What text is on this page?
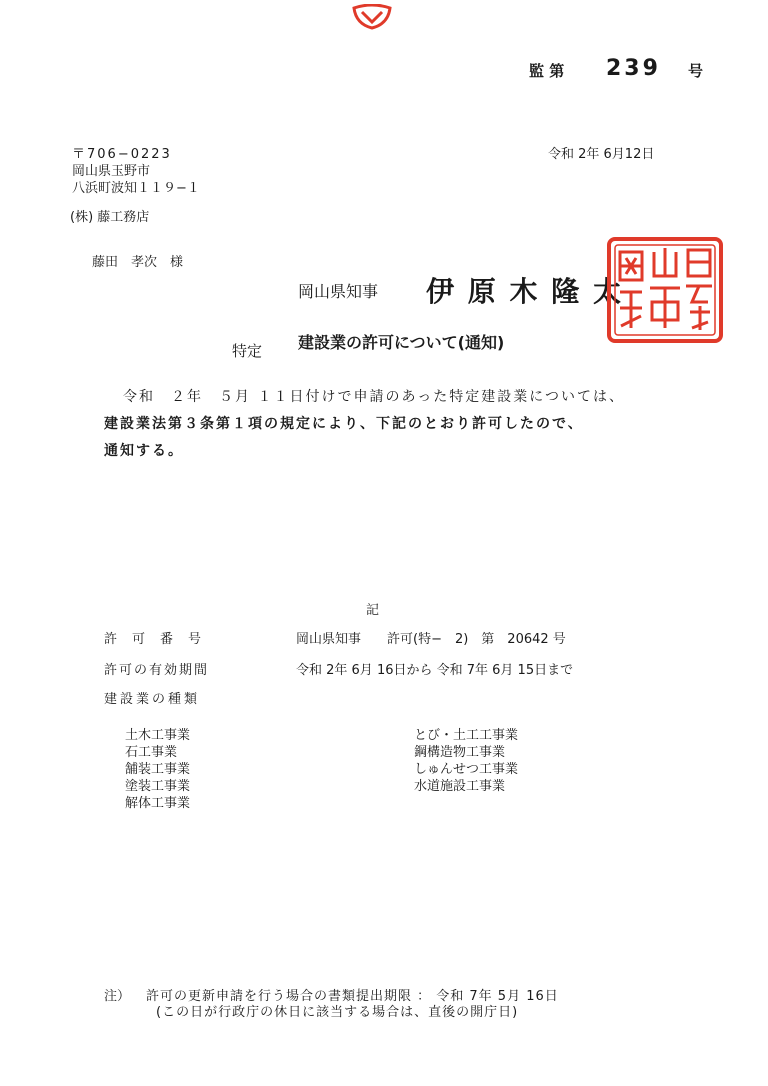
監 第 239 号
〒706−0223
岡山県玉野市
八浜町波知１１９−１
(株) 藤工務店
藤田　孝次　様
令和 2年 6月12日
岡山県知事 伊 原 木 隆 太
特定 建設業の許可について(通知)
令和　２年　５月 １１日付けで申請のあった特定建設業については、
建設業法第３条第１項の規定により、下記のとおり許可したので、
通知する。
記
許　可　番　号	岡山県知事　　許可(特−　2)　第　20642 号
許可の有効期間	令和 2年 6月 16日から 令和 7年 6月 15日まで
建設業の種類
土木工事業
石工事業
舗装工事業
塗装工事業
解体工事業
とび・土工工事業
鋼構造物工事業
しゅんせつ工事業
水道施設工事業
注） 許可の更新申請を行う場合の書類提出期限 ： 令和 7年 5月 16日
(この日が行政庁の休日に該当する場合は、直後の開庁日)
